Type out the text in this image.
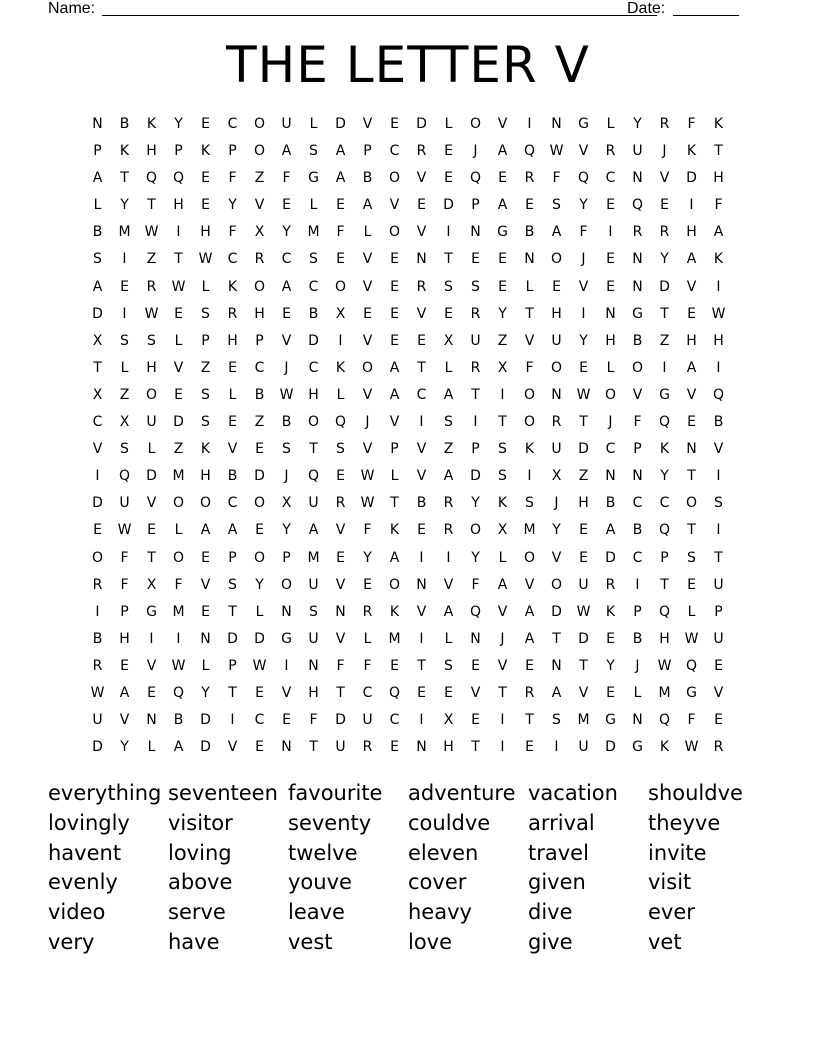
Name:	Date:
THE LETTER V
N	B	K	Y	E	C	O	U	L	D	V	E	D	L	O	V	I	N	G	L	Y	R	F	K
P	K	H	P	K	P	O	A	S	A	P	C	R	E	J	A	Q	W	V	R	U	J	K	T
A	T	Q	Q	E	F	Z	F	G	A	B	O	V	E	Q	E	R	F	Q	C	N	V	D	H
L	Y	T	H	E	Y	V	E	L	E	A	V	E	D	P	A	E	S	Y	E	Q	E	I	F
B	M	W	I	H	F	X	Y	M	F	L	O	V	I	N	G	B	A	F	I	R	R	H	A
S	I	Z	T	W	C	R	C	S	E	V	E	N	T	E	E	N	O	J	E	N	Y	A	K
A	E	R	W	L	K	O	A	C	O	V	E	R	S	S	E	L	E	V	E	N	D	V	I
D	I	W	E	S	R	H	E	B	X	E	E	V	E	R	Y	T	H	I	N	G	T	E	W
X	S	S	L	P	H	P	V	D	I	V	E	E	X	U	Z	V	U	Y	H	B	Z	H	H
T	L	H	V	Z	E	C	J	C	K	O	A	T	L	R	X	F	O	E	L	O	I	A	I
X	Z	O	E	S	L	B	W	H	L	V	A	C	A	T	I	O	N	W	O	V	G	V	Q
C	X	U	D	S	E	Z	B	O	Q	J	V	I	S	I	T	O	R	T	J	F	Q	E	B
V	S	L	Z	K	V	E	S	T	S	V	P	V	Z	P	S	K	U	D	C	P	K	N	V
I	Q	D	M	H	B	D	J	Q	E	W	L	V	A	D	S	I	X	Z	N	N	Y	T	I
D	U	V	O	O	C	O	X	U	R	W	T	B	R	Y	K	S	J	H	B	C	C	O	S
E	W	E	L	A	A	E	Y	A	V	F	K	E	R	O	X	M	Y	E	A	B	Q	T	I
O	F	T	O	E	P	O	P	M	E	Y	A	I	I	Y	L	O	V	E	D	C	P	S	T
R	F	X	F	V	S	Y	O	U	V	E	O	N	V	F	A	V	O	U	R	I	T	E	U
I	P	G	M	E	T	L	N	S	N	R	K	V	A	Q	V	A	D	W	K	P	Q	L	P
B	H	I	I	N	D	D	G	U	V	L	M	I	L	N	J	A	T	D	E	B	H	W	U
R	E	V	W	L	P	W	I	N	F	F	E	T	S	E	V	E	N	T	Y	J	W	Q	E
W	A	E	Q	Y	T	E	V	H	T	C	Q	E	E	V	T	R	A	V	E	L	M	G	V
U	V	N	B	D	I	C	E	F	D	U	C	I	X	E	I	T	S	M	G	N	Q	F	E
D	Y	L	A	D	V	E	N	T	U	R	E	N	H	T	I	E	I	U	D	G	K	W	R
everything seventeen favourite	adventure vacation	shouldve
lovingly	visitor	seventy	couldve	arrival	theyve
havent	loving	twelve	eleven	travel	invite
evenly	above	youve	cover	given	visit
video	serve	leave	heavy	dive	ever
very	have	vest	love	give	vet
